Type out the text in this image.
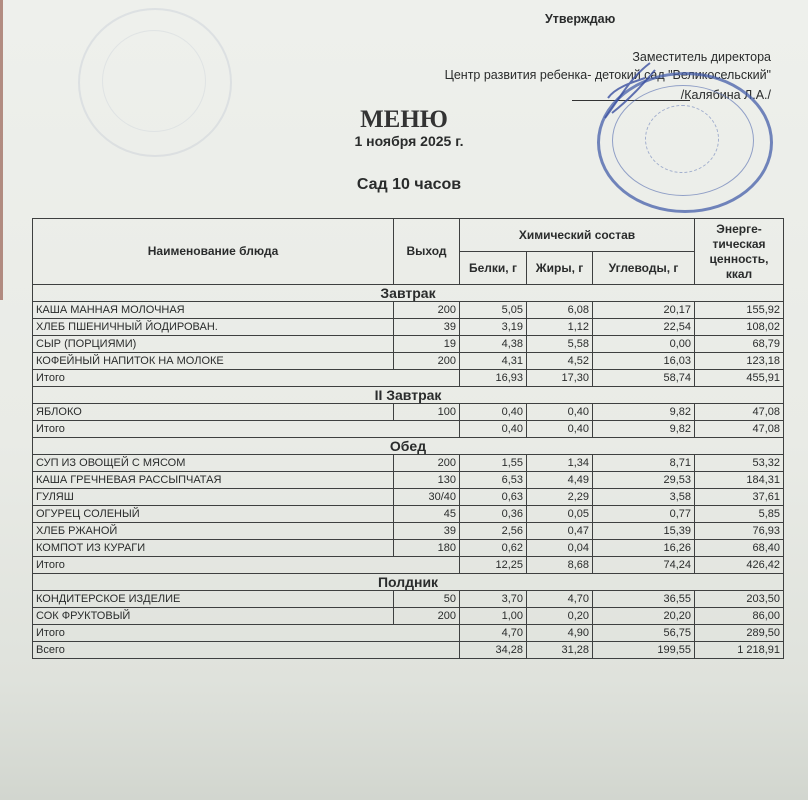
Утверждаю
Заместитель директора
Центр развития ребенка- детокий сад "Великосельский"
/Калябина Л.А./
МЕНЮ
1 ноября 2025 г.
Сад 10 часов
Наименование блюда	Выход	Химический состав			Энерге-тическая ценность, ккал
		Белки, г	Жиры, г	Углеводы, г	
Завтрак					
КАША МАННАЯ МОЛОЧНАЯ	200	5,05	6,08	20,17	155,92
ХЛЕБ ПШЕНИЧНЫЙ ЙОДИРОВАН.	39	3,19	1,12	22,54	108,02
СЫР (ПОРЦИЯМИ)	19	4,38	5,58	0,00	68,79
КОФЕЙНЫЙ НАПИТОК НА МОЛОКЕ	200	4,31	4,52	16,03	123,18
Итого		16,93	17,30	58,74	455,91
II Завтрак					
ЯБЛОКО	100	0,40	0,40	9,82	47,08
Итого		0,40	0,40	9,82	47,08
Обед					
СУП ИЗ ОВОЩЕЙ С МЯСОМ	200	1,55	1,34	8,71	53,32
КАША ГРЕЧНЕВАЯ РАССЫПЧАТАЯ	130	6,53	4,49	29,53	184,31
ГУЛЯШ	30/40	0,63	2,29	3,58	37,61
ОГУРЕЦ СОЛЕНЫЙ	45	0,36	0,05	0,77	5,85
ХЛЕБ РЖАНОЙ	39	2,56	0,47	15,39	76,93
КОМПОТ ИЗ КУРАГИ	180	0,62	0,04	16,26	68,40
Итого		12,25	8,68	74,24	426,42
Полдник					
КОНДИТЕРСКОЕ ИЗДЕЛИЕ	50	3,70	4,70	36,55	203,50
СОК ФРУКТОВЫЙ	200	1,00	0,20	20,20	86,00
Итого		4,70	4,90	56,75	289,50
Всего		34,28	31,28	199,55	1 218,91
